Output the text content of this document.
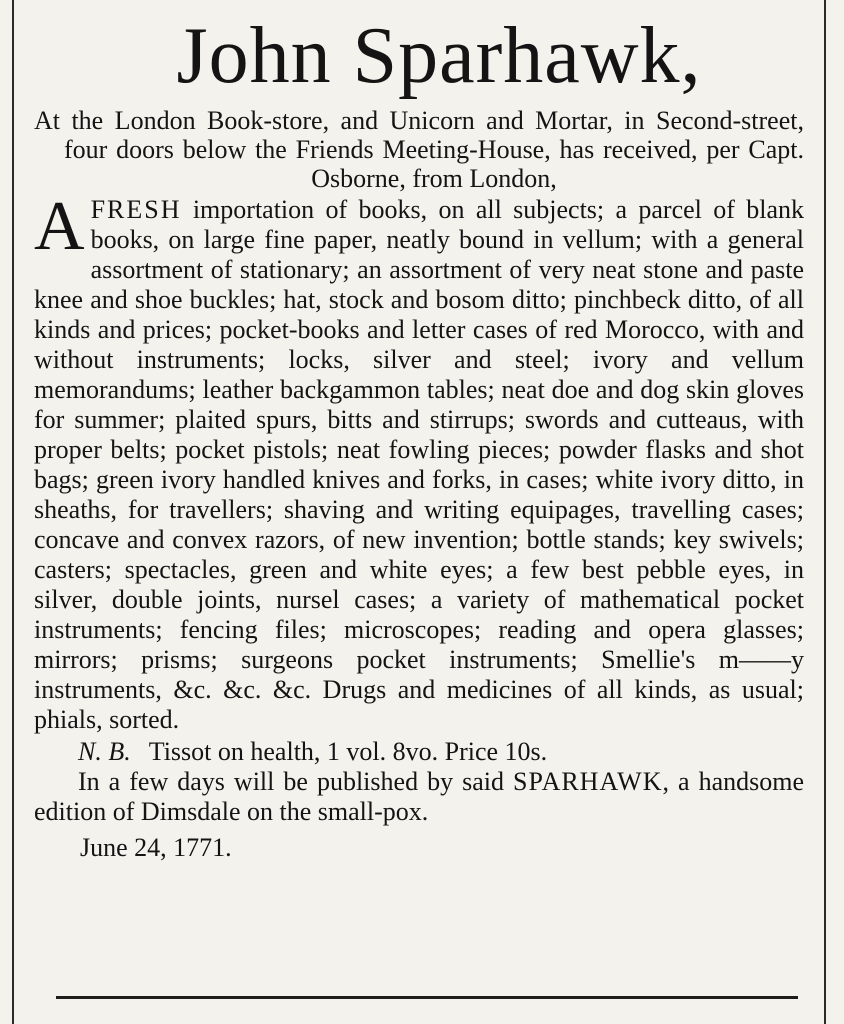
John Sparhawk,

At the London Book-store, and Unicorn and Mortar, in Second-street, four doors below the Friends Meeting-House, has received, per Capt. Osborne, from London,

A FRESH importation of books, on all subjects; a parcel of blank books, on large fine paper, neatly bound in vellum; with a general assortment of stationary; an assortment of very neat stone and paste knee and shoe buckles; hat, stock and bosom ditto; pinchbeck ditto, of all kinds and prices; pocket-books and letter cases of red Morocco, with and without instruments; locks, silver and steel; ivory and vellum memorandums; leather backgammon tables; neat doe and dog skin gloves for summer; plaited spurs, bitts and stirrups; swords and cutteaus, with proper belts; pocket pistols; neat fowling pieces; powder flasks and shot bags; green ivory handled knives and forks, in cases; white ivory ditto, in sheaths, for travellers; shaving and writing equipages, travelling cases; concave and convex razors, of new invention; bottle stands; key swivels; casters; spectacles, green and white eyes; a few best pebble eyes, in silver, double joints, nursel cases; a variety of mathematical pocket instruments; fencing files; microscopes; reading and opera glasses; mirrors; prisms; surgeons pocket instruments; Smellie's m——y instruments, &c. &c. &c. Drugs and medicines of all kinds, as usual; phials, sorted.

N. B. Tissot on health, 1 vol. 8vo. Price 10s.

In a few days will be published by said SPARHAWK, a handsome edition of Dimsdale on the small-pox.

June 24, 1771.
